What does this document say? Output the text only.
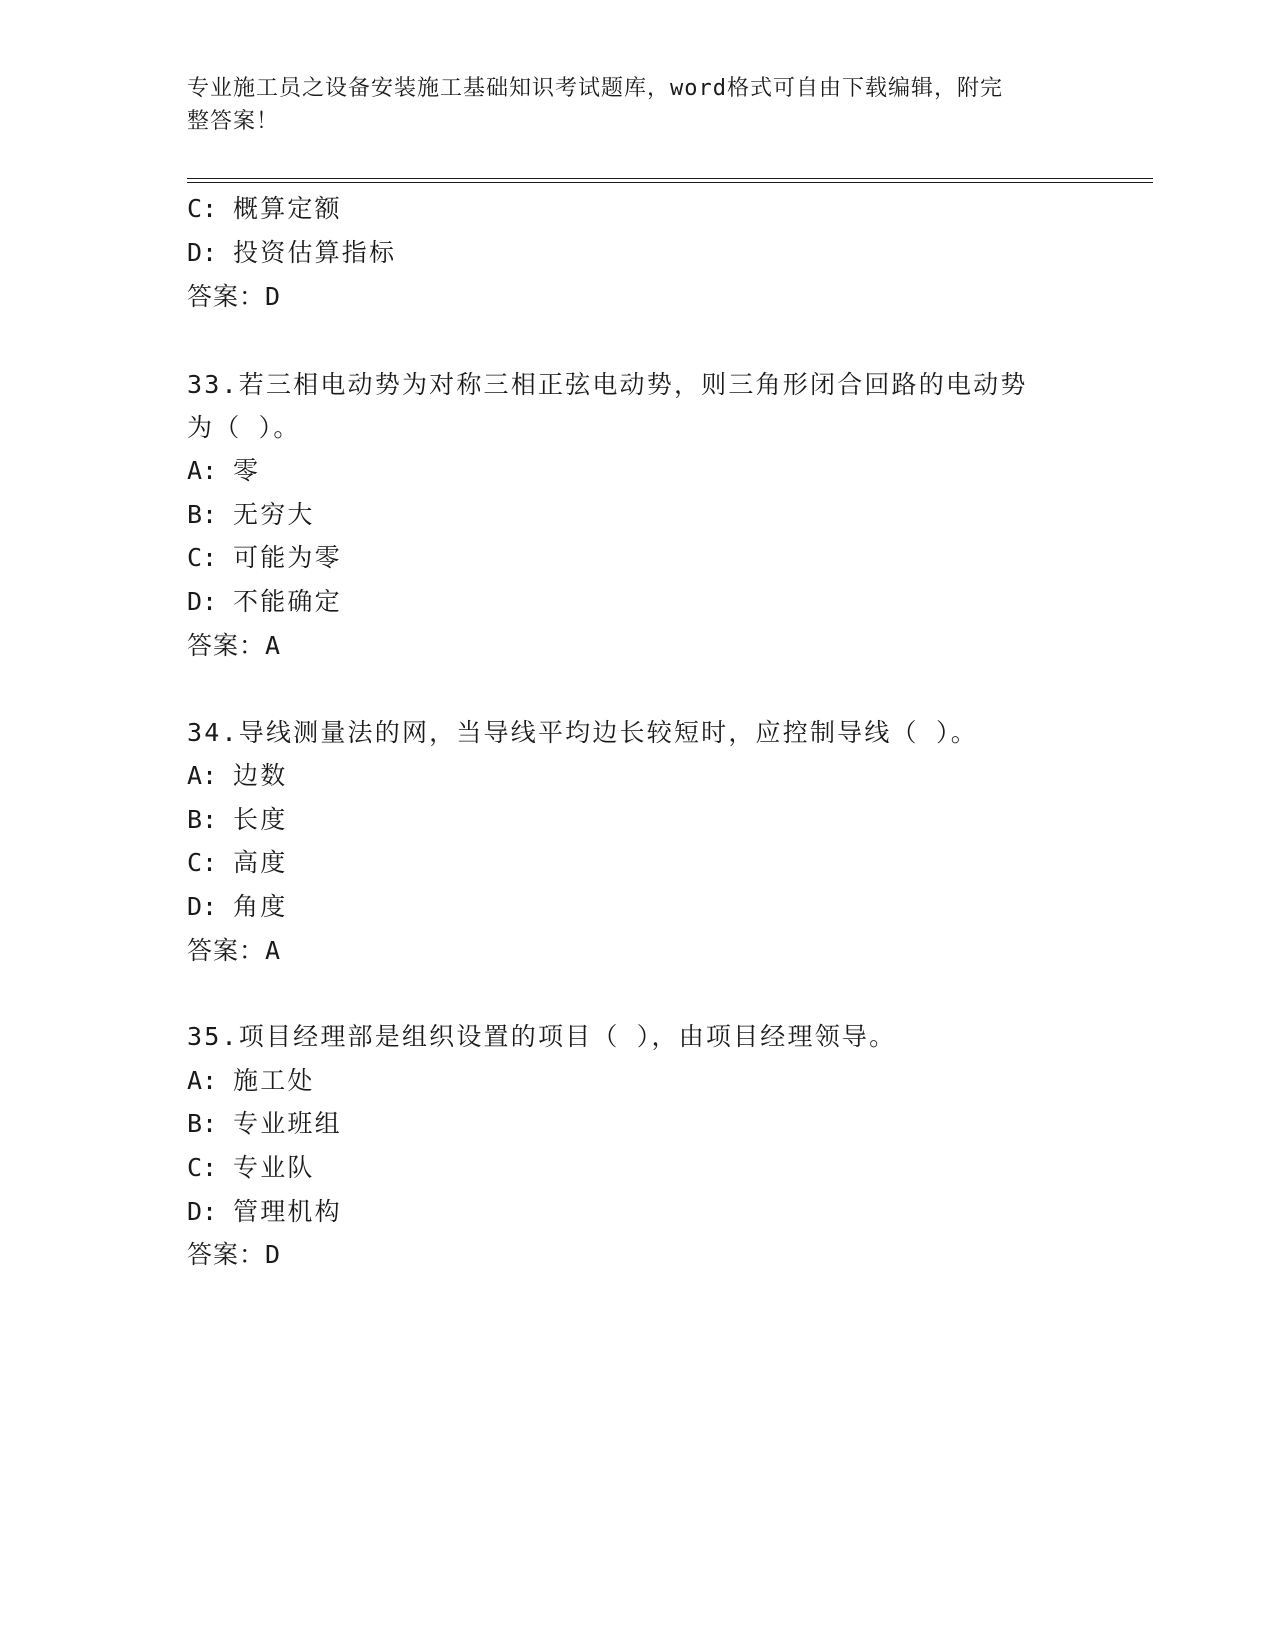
专业施工员之设备安装施工基础知识考试题库，word格式可自由下载编辑，附完
整答案！
C: 概算定额
D: 投资估算指标
答案：D
33.若三相电动势为对称三相正弦电动势，则三角形闭合回路的电动势
为（ ）。
A: 零
B: 无穷大
C: 可能为零
D: 不能确定
答案：A
34.导线测量法的网，当导线平均边长较短时，应控制导线（ ）。
A: 边数
B: 长度
C: 高度
D: 角度
答案：A
35.项目经理部是组织设置的项目（ ），由项目经理领导。
A: 施工处
B: 专业班组
C: 专业队
D: 管理机构
答案：D
